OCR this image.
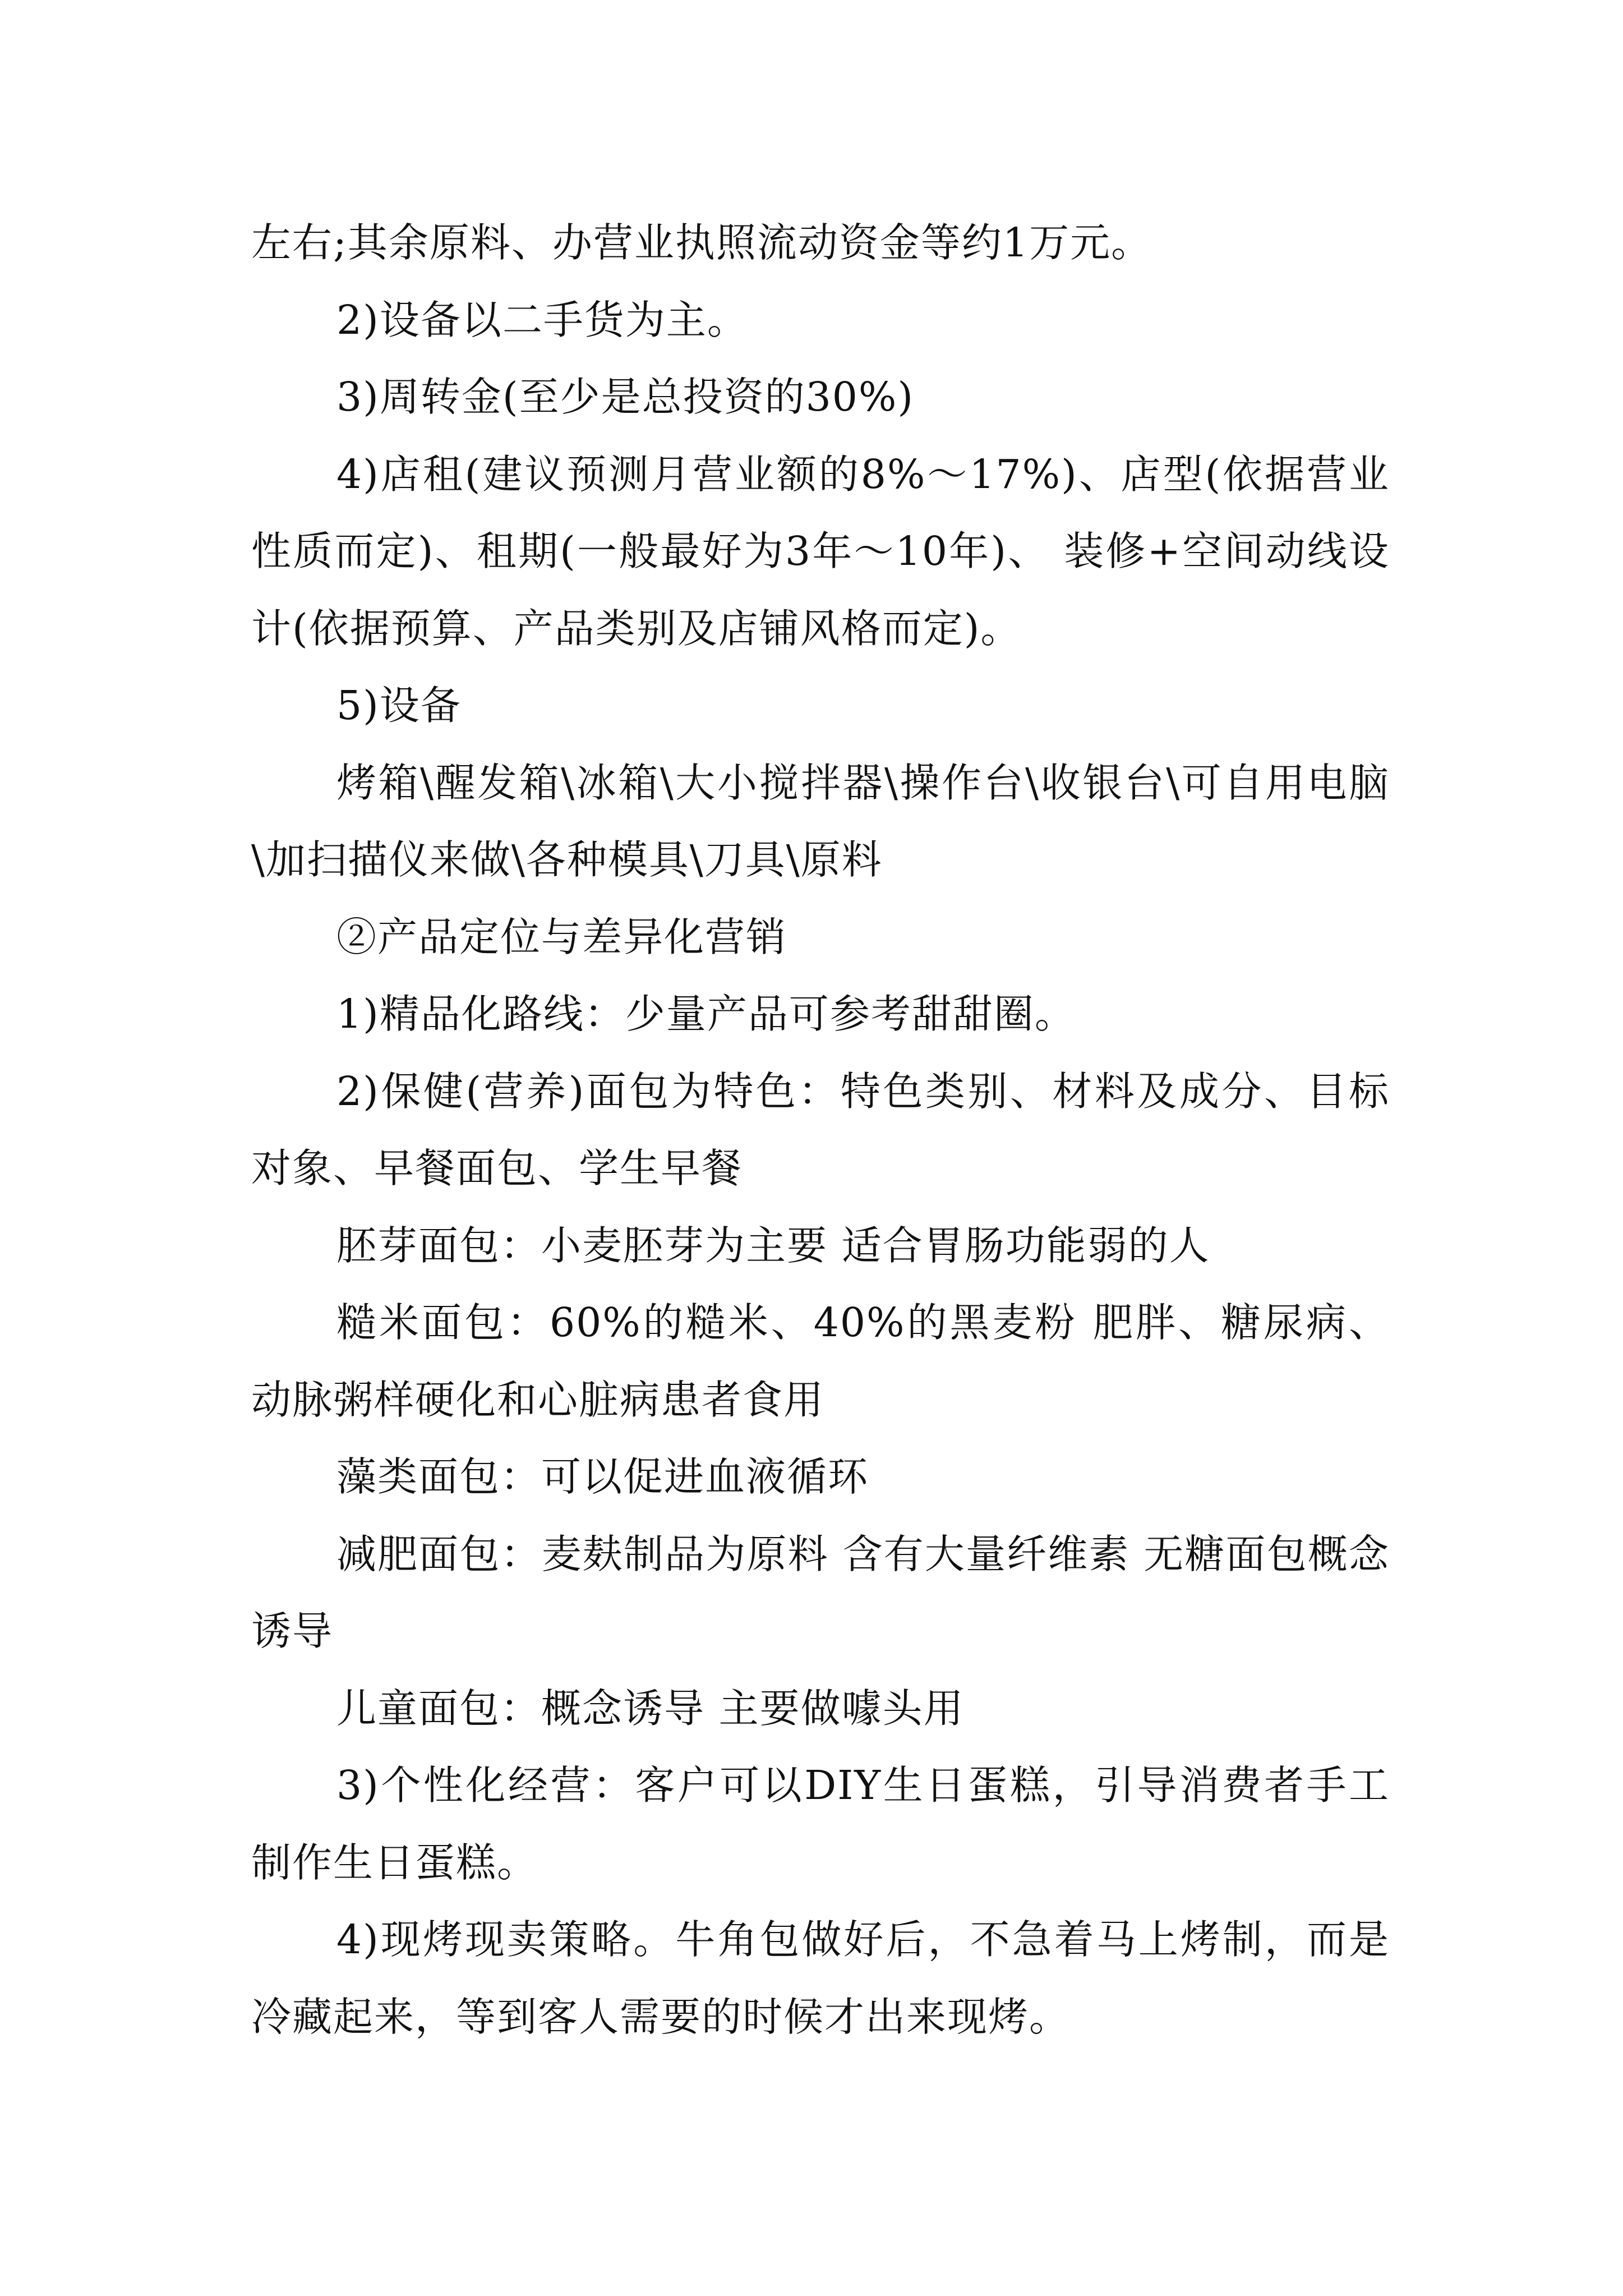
左右;其余原料、办营业执照流动资金等约1万元。

2)设备以二手货为主。

3)周转金(至少是总投资的30%)

4)店租(建议预测月营业额的8%～17%)、店型(依据营业性质而定)、租期(一般最好为3年～10年)、 装修+空间动线设计(依据预算、产品类别及店铺风格而定)。

5)设备

烤箱\醒发箱\冰箱\大小搅拌器\操作台\收银台\可自用电脑\加扫描仪来做\各种模具\刀具\原料

②产品定位与差异化营销

1)精品化路线：少量产品可参考甜甜圈。

2)保健(营养)面包为特色：特色类别、材料及成分、目标对象、早餐面包、学生早餐

胚芽面包：小麦胚芽为主要 适合胃肠功能弱的人

糙米面包：60%的糙米、40%的黑麦粉 肥胖、糖尿病、动脉粥样硬化和心脏病患者食用

藻类面包：可以促进血液循环

减肥面包：麦麸制品为原料 含有大量纤维素 无糖面包概念诱导

儿童面包：概念诱导 主要做噱头用

3)个性化经营：客户可以DIY生日蛋糕，引导消费者手工制作生日蛋糕。

4)现烤现卖策略。牛角包做好后，不急着马上烤制，而是冷藏起来，等到客人需要的时候才出来现烤。
